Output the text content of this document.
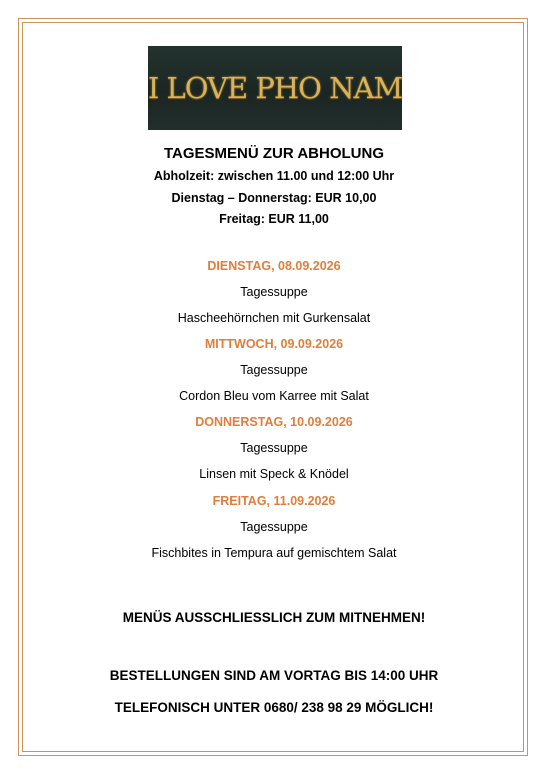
I LOVE PHO NAM
TAGESMENÜ ZUR ABHOLUNG
Abholzeit: zwischen 11.00 und 12:00 Uhr
Dienstag – Donnerstag: EUR 10,00
Freitag: EUR 11,00
DIENSTAG, 08.09.2026
Tagessuppe
Hascheehörnchen mit Gurkensalat
MITTWOCH, 09.09.2026
Tagessuppe
Cordon Bleu vom Karree mit Salat
DONNERSTAG, 10.09.2026
Tagessuppe
Linsen mit Speck & Knödel
FREITAG, 11.09.2026
Tagessuppe
Fischbites in Tempura auf gemischtem Salat
MENÜS AUSSCHLIESSLICH ZUM MITNEHMEN!
BESTELLUNGEN SIND AM VORTAG BIS 14:00 UHR
TELEFONISCH UNTER 0680/ 238 98 29 MÖGLICH!
